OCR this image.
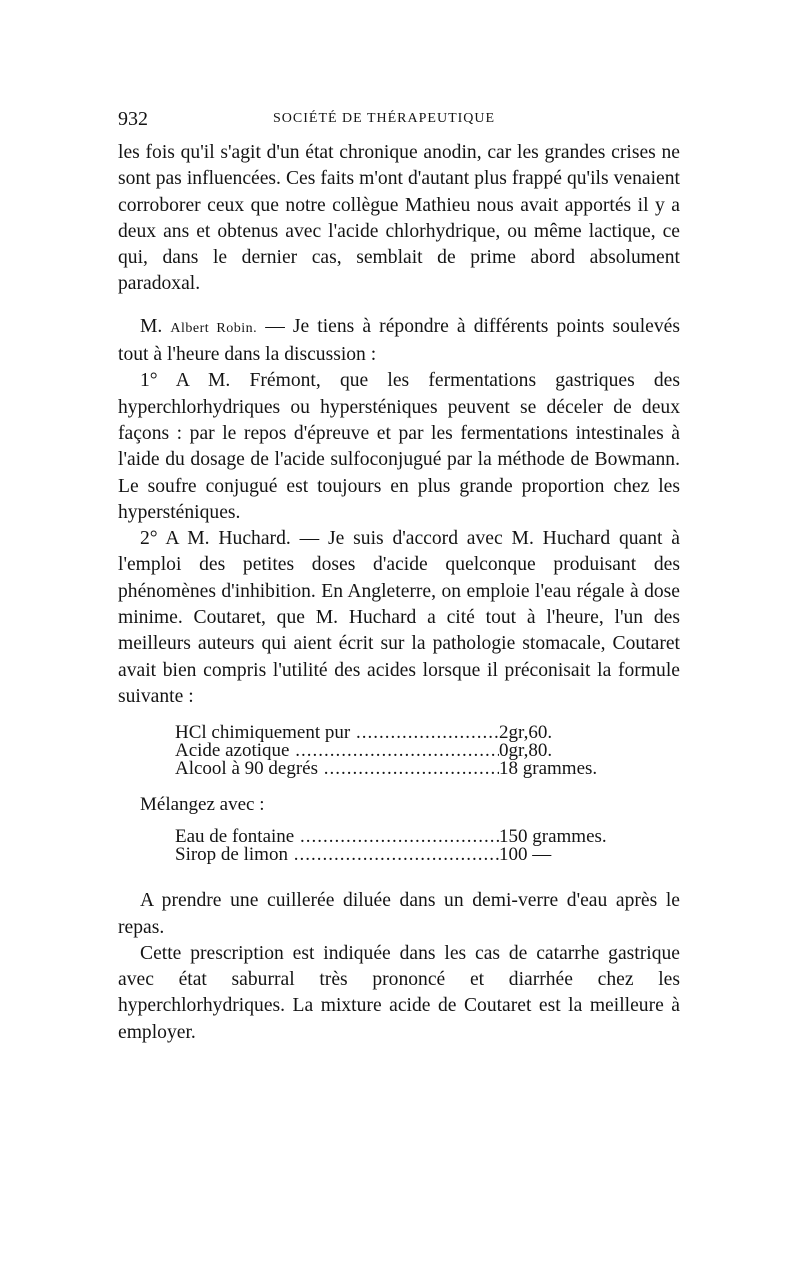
932	SOCIÉTÉ DE THÉRAPEUTIQUE

les fois qu'il s'agit d'un état chronique anodin, car les grandes crises ne sont pas influencées. Ces faits m'ont d'autant plus frappé qu'ils venaient corroborer ceux que notre collègue Mathieu nous avait apportés il y a deux ans et obtenus avec l'acide chlorhydrique, ou même lactique, ce qui, dans le dernier cas, semblait de prime abord absolument paradoxal.

M. Albert Robin. — Je tiens à répondre à différents points soulevés tout à l'heure dans la discussion :

1° A M. Frémont, que les fermentations gastriques des hyperchlorhydriques ou hypersténiques peuvent se déceler de deux façons : par le repos d'épreuve et par les fermentations intestinales à l'aide du dosage de l'acide sulfoconjugué par la méthode de Bowmann. Le soufre conjugué est toujours en plus grande proportion chez les hypersténiques.

2° A M. Huchard. — Je suis d'accord avec M. Huchard quant à l'emploi des petites doses d'acide quelconque produisant des phénomènes d'inhibition. En Angleterre, on emploie l'eau régale à dose minime. Coutaret, que M. Huchard a cité tout à l'heure, l'un des meilleurs auteurs qui aient écrit sur la pathologie stomacale, Coutaret avait bien compris l'utilité des acides lorsque il préconisait la formule suivante :

HCl chimiquement pur .....	2gr,60.
Acide azotique .....	0gr,80.
Alcool à 90 degrés .....	18 grammes.
Mélangez avec :
Eau de fontaine .....	150 grammes.
Sirop de limon .....	100 —

A prendre une cuillerée diluée dans un demi-verre d'eau après le repas.

Cette prescription est indiquée dans les cas de catarrhe gastrique avec état saburral très prononcé et diarrhée chez les hyperchlorhydriques. La mixture acide de Coutaret est la meilleure à employer.
